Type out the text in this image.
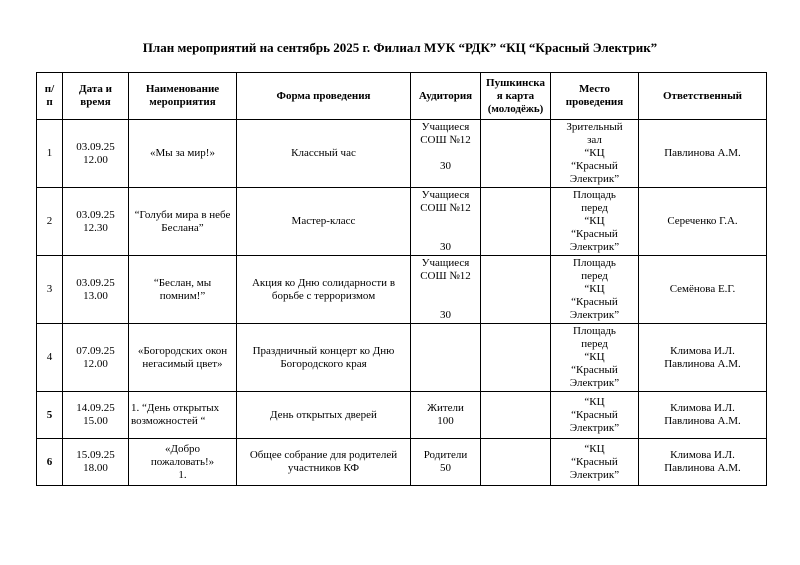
План мероприятий на сентябрь 2025 г. Филиал МУК “РДК” “КЦ “Красный Электрик”
п/
п	Дата и
время	Наименование
мероприятия	Форма проведения	Аудитория	Пушкинска
я карта
(молодёжь)	Место
проведения	Ответственный
1	03.09.25
12.00	«Мы за мир!»	Классный час	Учащиеся
СОШ №12

30		Зрительный
зал
“КЦ
“Красный
Электрик”	Павлинова А.М.
2	03.09.25
12.30	“Голуби мира в небе
Беслана”	Мастер-класс	Учащиеся
СОШ №12

30		Площадь
перед
“КЦ
“Красный
Электрик”	Сереченко Г.А.
3	03.09.25
13.00	“Беслан, мы
помним!”	Акция ко Дню солидарности в
борьбе с терроризмом	Учащиеся
СОШ №12

30		Площадь
перед
“КЦ
“Красный
Электрик”	Семёнова Е.Г.
4	07.09.25
12.00	«Богородских окон
негасимый цвет»	Праздничный концерт ко Дню
Богородского края			Площадь
перед
“КЦ
“Красный
Электрик”	Климова И.Л.
Павлинова А.М.
5	14.09.25
15.00	1. “День открытых
возможностей “	День открытых дверей	Жители
100		“КЦ
“Красный
Электрик”	Климова И.Л.
Павлинова А.М.
6	15.09.25
18.00	«Добро
пожаловать!»
1.	Общее собрание для родителей
участников КФ	Родители
50		“КЦ
“Красный
Электрик”	Климова И.Л.
Павлинова А.М.
